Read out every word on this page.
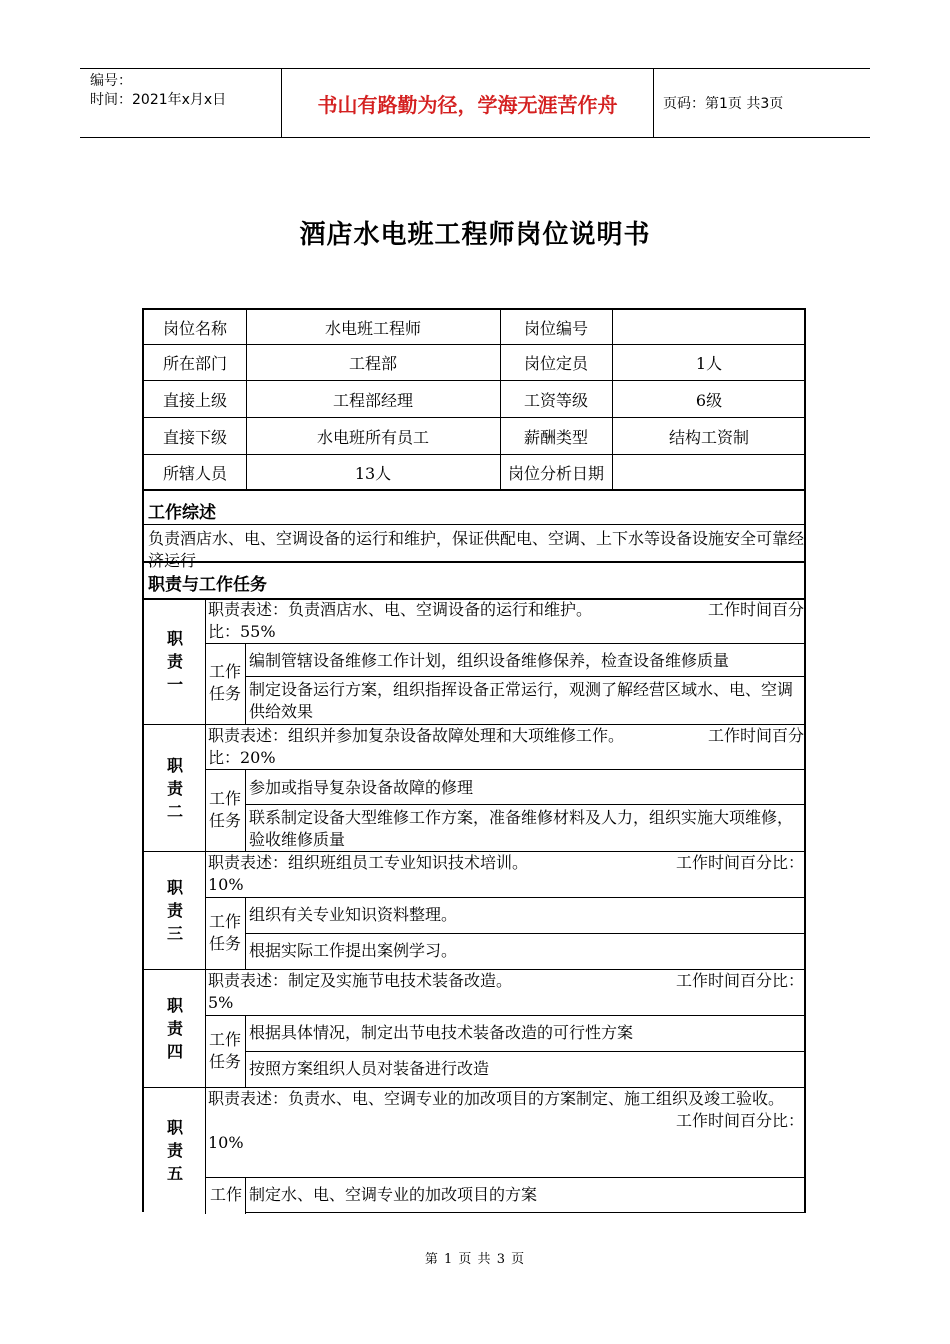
编号：
时间：2021年x月x日	书山有路勤为径，学海无涯苦作舟	页码：第1页 共3页
酒店水电班工程师岗位说明书
岗位名称	水电班工程师	岗位编号
所在部门	工程部	岗位定员	1人
直接上级	工程部经理	工资等级	6级
直接下级	水电班所有员工	薪酬类型	结构工资制
所辖人员	13人	岗位分析日期
工作综述
负责酒店水、电、空调设备的运行和维护，保证供配电、空调、上下水等设备设施安全可靠经济运行
职责与工作任务
职
责
一
职责表述：负责酒店水、电、空调设备的运行和维护。	工作时间百分
比：55%
工作
任务
编制管辖设备维修工作计划，组织设备维修保养，检查设备维修质量
制定设备运行方案，组织指挥设备正常运行，观测了解经营区域水、电、空调供给效果
职
责
二
职责表述：组织并参加复杂设备故障处理和大项维修工作。	工作时间百分
比：20%
工作
任务
参加或指导复杂设备故障的修理
联系制定设备大型维修工作方案，准备维修材料及人力，组织实施大项维修，验收维修质量
职
责
三
职责表述：组织班组员工专业知识技术培训。	工作时间百分比：
10%
工作
任务
组织有关专业知识资料整理。
根据实际工作提出案例学习。
职
责
四
职责表述：制定及实施节电技术装备改造。	工作时间百分比：
5%
工作
任务
根据具体情况，制定出节电技术装备改造的可行性方案
按照方案组织人员对装备进行改造
职
责
五
职责表述：负责水、电、空调专业的加改项目的方案制定、施工组织及竣工验收。
工作时间百分比：
10%
工作 制定水、电、空调专业的加改项目的方案
第 1 页 共 3 页
